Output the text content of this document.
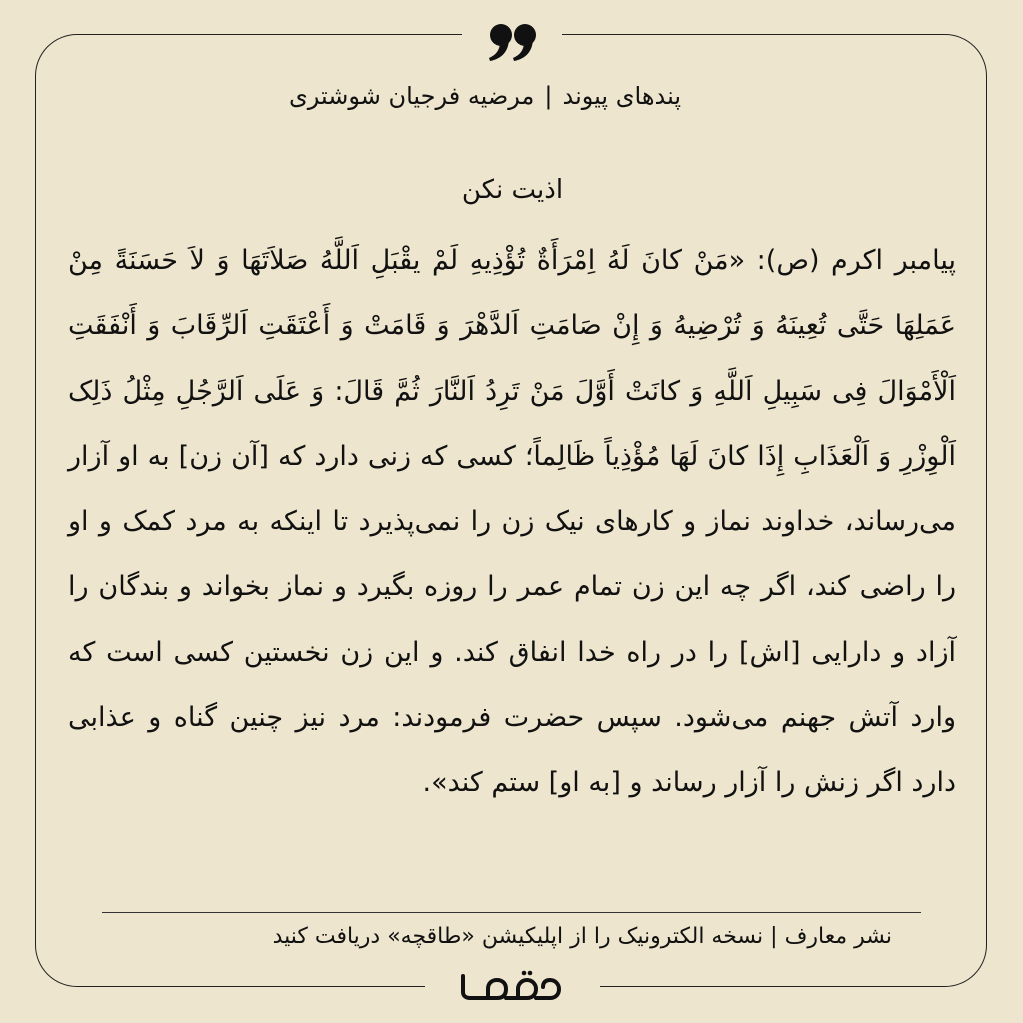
پندهای پیوند|مرضیه فرجیان شوشتری
اذیت نکن

پیامبر اکرم (ص): «مَنْ کانَ لَهُ اِمْرَأَةٌ تُؤْذِیهِ لَمْ یقْبَلِ اَللَّهُ صَلاَتَهَا وَ لاَ حَسَنَةً مِنْ عَمَلِهَا حَتَّى تُعِینَهُ وَ تُرْضِیهُ وَ إِنْ صَامَتِ اَلدَّهْرَ وَ قَامَتْ وَ أَعْتَقَتِ اَلرِّقَابَ وَ أَنْفَقَتِ اَلْأَمْوَالَ فِی سَبِیلِ اَللَّهِ وَ کانَتْ أَوَّلَ مَنْ تَرِدُ اَلنَّارَ ثُمَّ قَالَ: وَ عَلَى اَلرَّجُلِ مِثْلُ ذَلِک اَلْوِزْرِ وَ اَلْعَذَابِ إِذَا کانَ لَهَا مُؤْذِیاً ظَالِماً؛ کسی که زنی دارد که [آن زن] به او آزار می‌رساند، خداوند نماز و کارهای نیک زن را نمی‌پذیرد تا اینکه به مرد کمک و او را راضی کند، اگر چه این زن تمام عمر را روزه بگیرد و نماز بخواند و بندگان را آزاد و دارایی [اش] را در راه خدا انفاق کند. و این زن نخستین کسی است که وارد آتش جهنم می‌شود. سپس حضرت فرمودند: مرد نیز چنین گناه و عذابی دارد اگر زنش را آزار رساند و [به او] ستم کند».

نشر معارف | نسخه الکترونیک را از اپلیکیشن «طاقچه» دریافت کنید
